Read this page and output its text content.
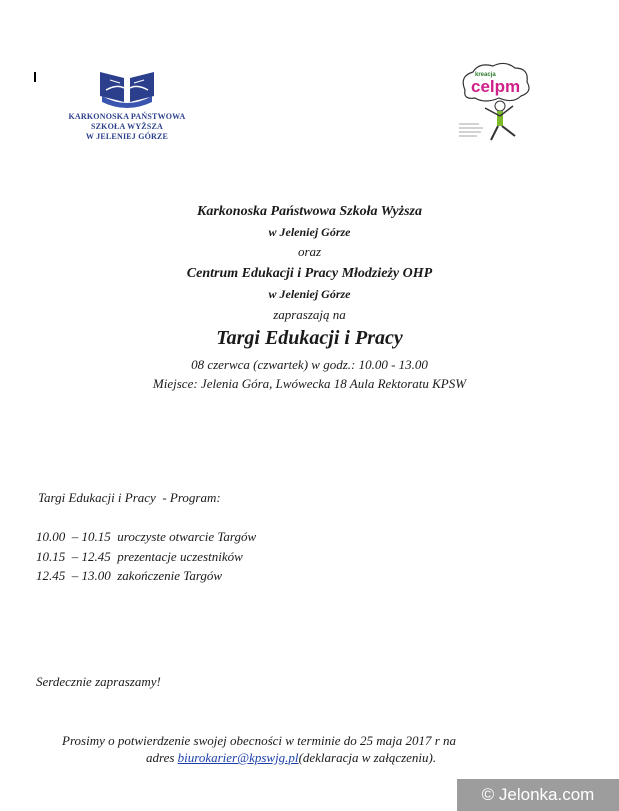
KARKONOSKA PAŃSTWOWA
SZKOŁA WYŻSZA
W JELENIEJ GÓRZE
kreacja
celpm
Karkonoska Państwowa Szkoła Wyższa
w Jeleniej Górze
oraz
Centrum Edukacji i Pracy Młodzieży OHP
w Jeleniej Górze
zapraszają na
Targi Edukacji i Pracy
08 czerwca (czwartek) w godz.: 10.00 - 13.00
Miejsce: Jelenia Góra, Lwówecka 18 Aula Rektoratu KPSW
Targi Edukacji i Pracy  - Program:
10.00  – 10.15  uroczyste otwarcie Targów
10.15  – 12.45  prezentacje uczestników
12.45  – 13.00  zakończenie Targów
Serdecznie zapraszamy!
Prosimy o potwierdzenie swojej obecności w terminie do 25 maja 2017 r na
adres biurokarier@kpswjg.pl(deklaracja w załączeniu).
© Jelonka.com
